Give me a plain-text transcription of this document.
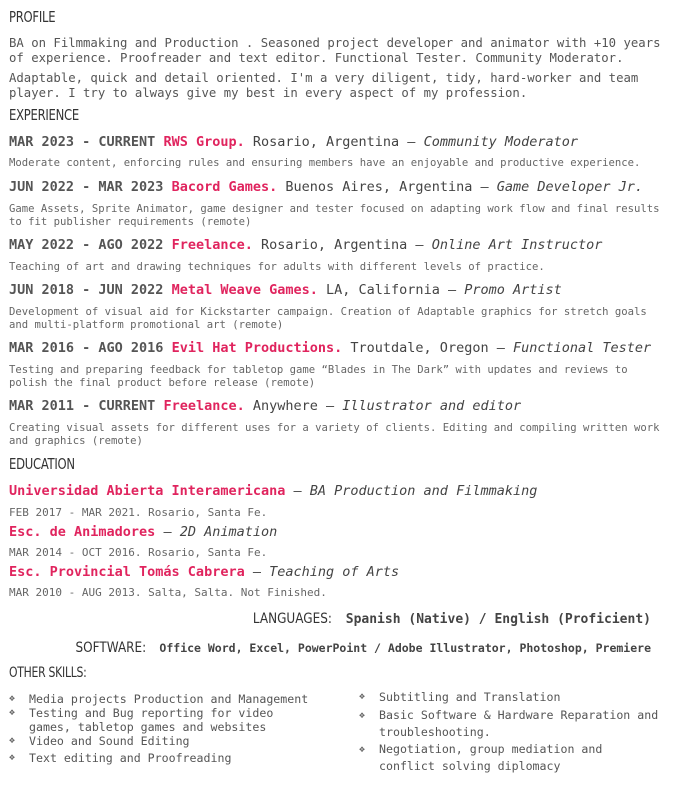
PROFILE
BA on Filmmaking and Production . Seasoned project developer and animator with +10 years of experience. Proofreader and text editor. Functional Tester. Community Moderator.
Adaptable, quick and detail oriented. I'm a very diligent, tidy, hard-worker and team player. I try to always give my best in every aspect of my profession.
EXPERIENCE
MAR 2023 - CURRENT RWS Group. Rosario, Argentina — Community Moderator
Moderate content, enforcing rules and ensuring members have an enjoyable and productive experience.
JUN 2022 - MAR 2023 Bacord Games. Buenos Aires, Argentina — Game Developer Jr.
Game Assets, Sprite Animator, game designer and tester focused on adapting work flow and final results to fit publisher requirements (remote)
MAY 2022 - AGO 2022 Freelance. Rosario, Argentina — Online Art Instructor
Teaching of art and drawing techniques for adults with different levels of practice.
JUN 2018 - JUN 2022 Metal Weave Games. LA, California — Promo Artist
Development of visual aid for Kickstarter campaign. Creation of Adaptable graphics for stretch goals and multi-platform promotional art (remote)
MAR 2016 - AGO 2016 Evil Hat Productions. Troutdale, Oregon — Functional Tester
Testing and preparing feedback for tabletop game “Blades in The Dark” with updates and reviews to polish the final product before release (remote)
MAR 2011 - CURRENT Freelance. Anywhere — Illustrator and editor
Creating visual assets for different uses for a variety of clients. Editing and compiling written work and graphics (remote)
EDUCATION
Universidad Abierta Interamericana — BA Production and Filmmaking
FEB 2017 - MAR 2021. Rosario, Santa Fe.
Esc. de Animadores — 2D Animation
MAR 2014 - OCT 2016. Rosario, Santa Fe.
Esc. Provincial Tomás Cabrera — Teaching of Arts
MAR 2010 - AUG 2013. Salta, Salta. Not Finished.
LANGUAGES: Spanish (Native) / English (Proficient)
SOFTWARE: Office Word, Excel, PowerPoint / Adobe Illustrator, Photoshop, Premiere
OTHER SKILLS:
❖	Media projects Production and Management
❖	Testing and Bug reporting for video games, tabletop games and websites
❖	Video and Sound Editing
❖	Text editing and Proofreading
❖	Subtitling and Translation
❖	Basic Software & Hardware Reparation and troubleshooting.
❖	Negotiation, group mediation and conflict solving diplomacy
